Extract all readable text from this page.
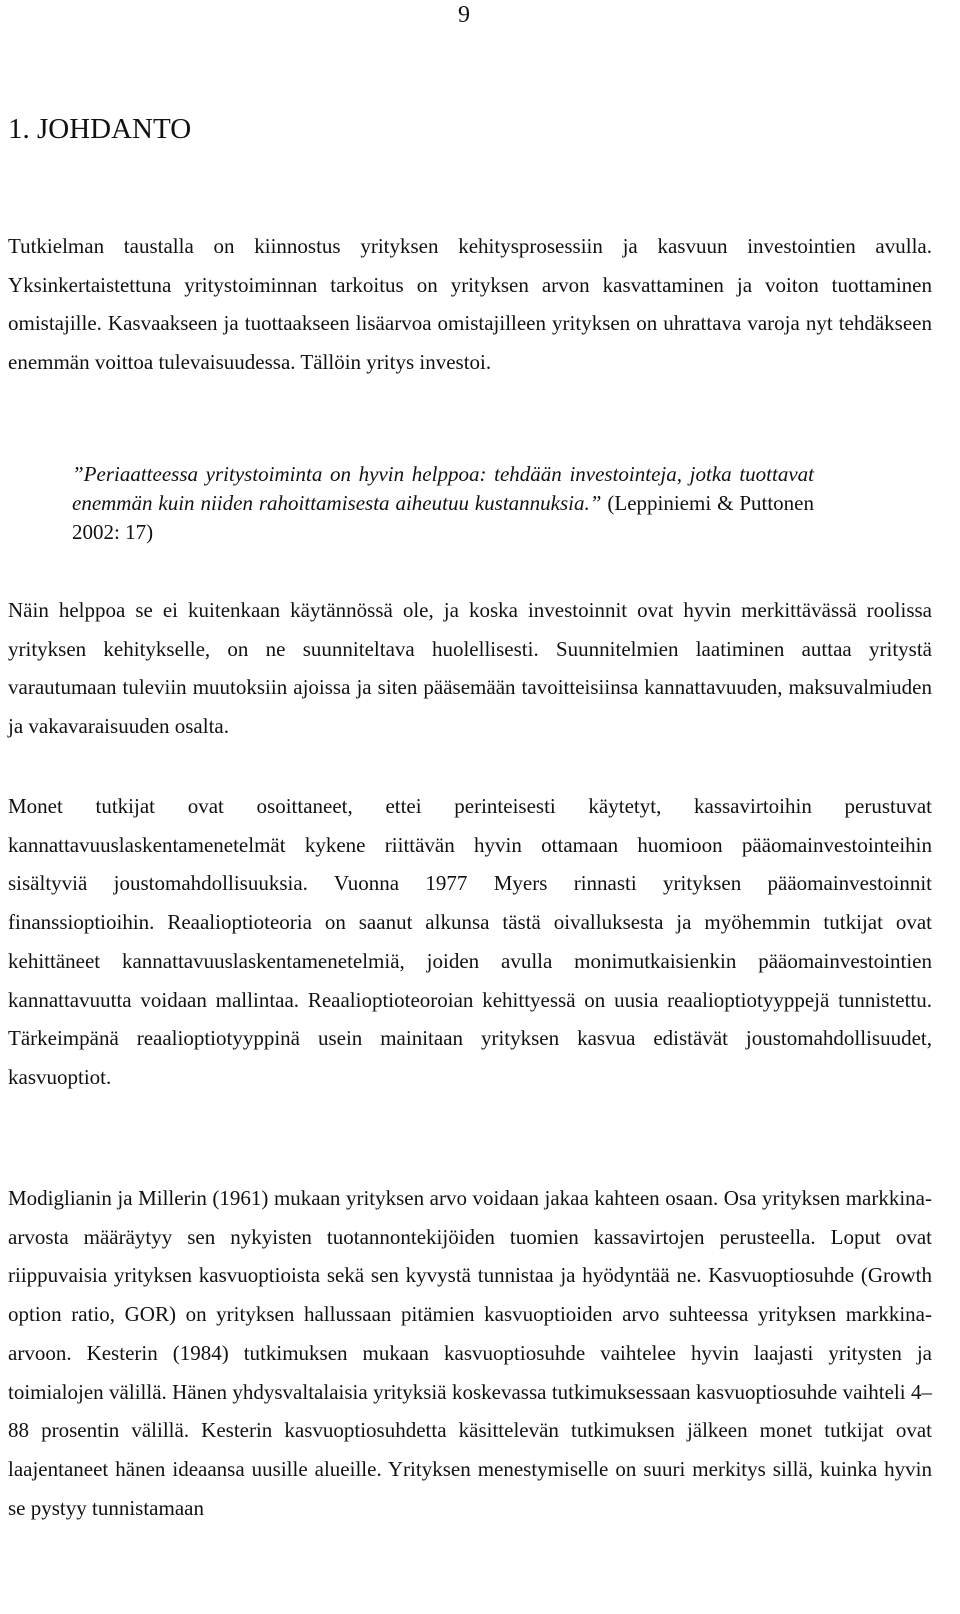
9
1. JOHDANTO

Tutkielman taustalla on kiinnostus yrityksen kehitysprosessiin ja kasvuun investointien avulla. Yksinkertaistettuna yritystoiminnan tarkoitus on yrityksen arvon kasvattaminen ja voiton tuottaminen omistajille. Kasvaakseen ja tuottaakseen lisäarvoa omistajilleen yrityksen on uhrattava varoja nyt tehdäkseen enemmän voittoa tulevaisuudessa. Tällöin yritys investoi.

”Periaatteessa yritystoiminta on hyvin helppoa: tehdään investointeja, jotka tuottavat enemmän kuin niiden rahoittamisesta aiheutuu kustannuksia.” (Leppiniemi & Puttonen 2002: 17)

Näin helppoa se ei kuitenkaan käytännössä ole, ja koska investoinnit ovat hyvin merkittävässä roolissa yrityksen kehitykselle, on ne suunniteltava huolellisesti. Suunnitelmien laatiminen auttaa yritystä varautumaan tuleviin muutoksiin ajoissa ja siten pääsemään tavoitteisiinsa kannattavuuden, maksuvalmiuden ja vakavaraisuuden osalta.

Monet tutkijat ovat osoittaneet, ettei perinteisesti käytetyt, kassavirtoihin perustuvat kannattavuuslaskentamenetelmät kykene riittävän hyvin ottamaan huomioon pääomainvestointeihin sisältyviä joustomahdollisuuksia. Vuonna 1977 Myers rinnasti yrityksen pääomainvestoinnit finanssioptioihin. Reaalioptioteoria on saanut alkunsa tästä oivalluksesta ja myöhemmin tutkijat ovat kehittäneet kannattavuuslaskentamenetelmiä, joiden avulla monimutkaisienkin pääomainvestointien kannattavuutta voidaan mallintaa. Reaalioptioteoroian kehittyessä on uusia reaalioptiotyyppejä tunnistettu. Tärkeimpänä reaalioptiotyyppinä usein mainitaan yrityksen kasvua edistävät joustomahdollisuudet, kasvuoptiot.

Modiglianin ja Millerin (1961) mukaan yrityksen arvo voidaan jakaa kahteen osaan. Osa yrityksen markkina-arvosta määräytyy sen nykyisten tuotannontekijöiden tuomien kassavirtojen perusteella. Loput ovat riippuvaisia yrityksen kasvuoptioista sekä sen kyvystä tunnistaa ja hyödyntää ne. Kasvuoptiosuhde (Growth option ratio, GOR) on yrityksen hallussaan pitämien kasvuoptioiden arvo suhteessa yrityksen markkina-arvoon. Kesterin (1984) tutkimuksen mukaan kasvuoptiosuhde vaihtelee hyvin laajasti yritysten ja toimialojen välillä. Hänen yhdysvaltalaisia yrityksiä koskevassa tutkimuksessaan kasvuoptiosuhde vaihteli 4–88 prosentin välillä. Kesterin kasvuoptiosuhdetta käsittelevän tutkimuksen jälkeen monet tutkijat ovat laajentaneet hänen ideaansa uusille alueille. Yrityksen menestymiselle on suuri merkitys sillä, kuinka hyvin se pystyy tunnistamaan
